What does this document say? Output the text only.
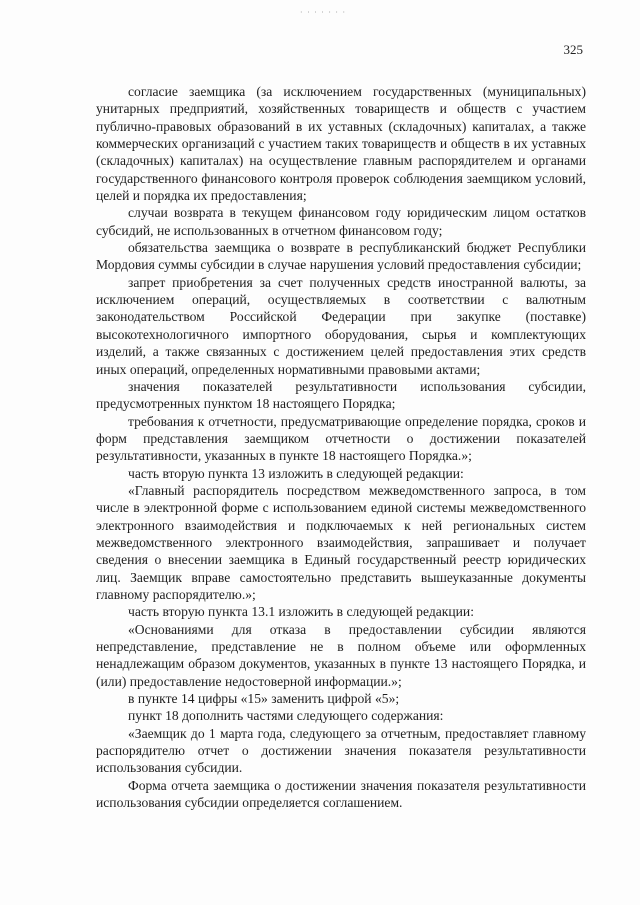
· · · · · · ·
325

согласие заемщика (за исключением государственных (муниципальных) унитарных предприятий, хозяйственных товариществ и обществ с участием публично-правовых образований в их уставных (складочных) капиталах, а также коммерческих организаций с участием таких товариществ и обществ в их уставных (складочных) капиталах) на осуществление главным распорядителем и органами государственного финансового контроля проверок соблюдения заемщиком условий, целей и порядка их предоставления;

случаи возврата в текущем финансовом году юридическим лицом остатков субсидий, не использованных в отчетном финансовом году;

обязательства заемщика о возврате в республиканский бюджет Республики Мордовия суммы субсидии в случае нарушения условий предоставления субсидии;

запрет приобретения за счет полученных средств иностранной валюты, за исключением операций, осуществляемых в соответствии с валютным законодательством Российской Федерации при закупке (поставке) высокотехнологичного импортного оборудования, сырья и комплектующих изделий, а также связанных с достижением целей предоставления этих средств иных операций, определенных нормативными правовыми актами;

значения показателей результативности использования субсидии, предусмотренных пунктом 18 настоящего Порядка;

требования к отчетности, предусматривающие определение порядка, сроков и форм представления заемщиком отчетности о достижении показателей результативности, указанных в пункте 18 настоящего Порядка.»;

часть вторую пункта 13 изложить в следующей редакции:

«Главный распорядитель посредством межведомственного запроса, в том числе в электронной форме с использованием единой системы межведомственного электронного взаимодействия и подключаемых к ней региональных систем межведомственного электронного взаимодействия, запрашивает и получает сведения о внесении заемщика в Единый государственный реестр юридических лиц. Заемщик вправе самостоятельно представить вышеуказанные документы главному распорядителю.»;

часть вторую пункта 13.1 изложить в следующей редакции:

«Основаниями для отказа в предоставлении субсидии являются непредставление, представление не в полном объеме или оформленных ненадлежащим образом документов, указанных в пункте 13 настоящего Порядка, и (или) предоставление недостоверной информации.»;

в пункте 14 цифры «15» заменить цифрой «5»;

пункт 18 дополнить частями следующего содержания:

«Заемщик до 1 марта года, следующего за отчетным, предоставляет главному распорядителю отчет о достижении значения показателя результативности использования субсидии.

Форма отчета заемщика о достижении значения показателя результативности использования субсидии определяется соглашением.
